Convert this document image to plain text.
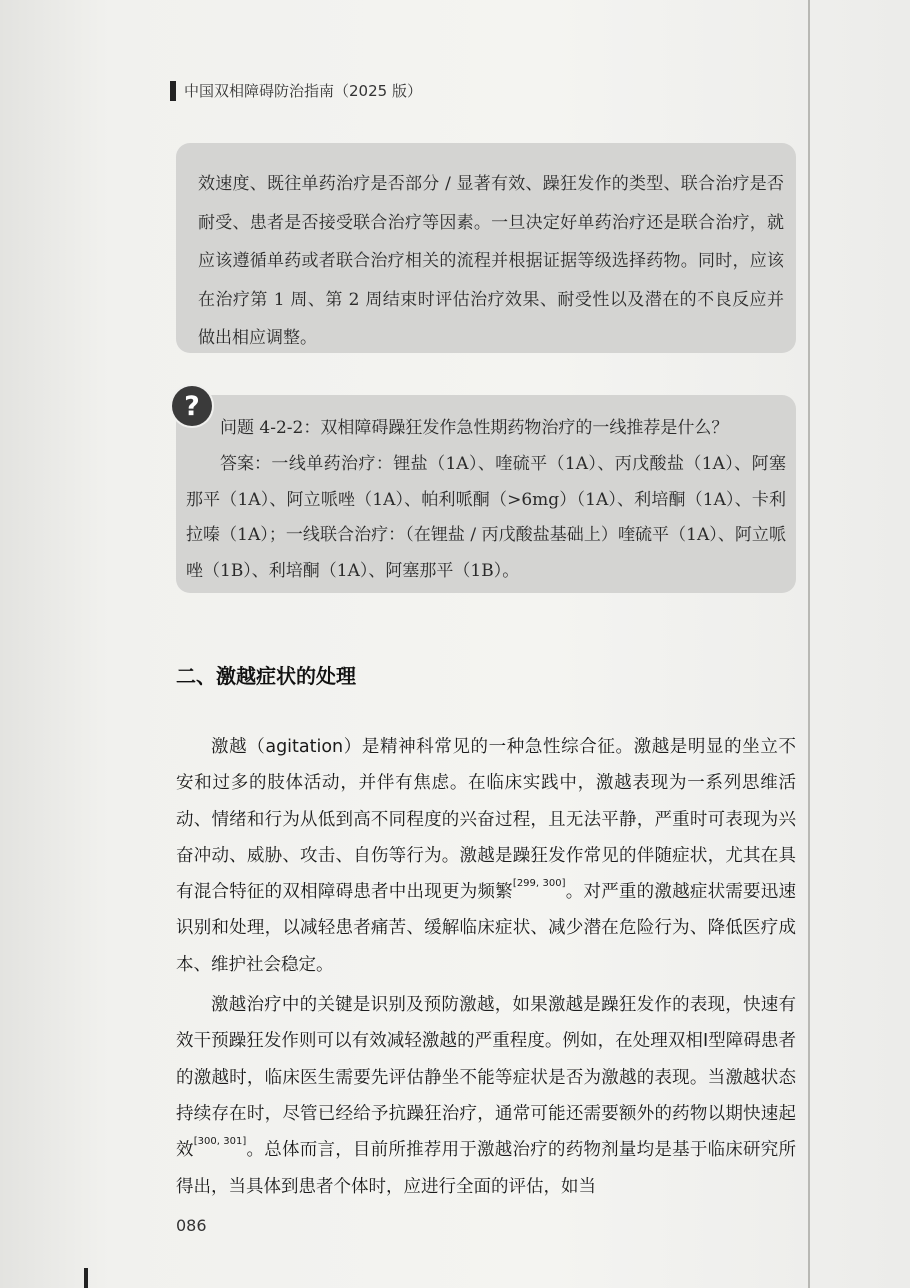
中国双相障碍防治指南（2025 版）
效速度、既往单药治疗是否部分 / 显著有效、躁狂发作的类型、联合治疗是否耐受、患者是否接受联合治疗等因素。一旦决定好单药治疗还是联合治疗，就应该遵循单药或者联合治疗相关的流程并根据证据等级选择药物。同时，应该在治疗第 1 周、第 2 周结束时评估治疗效果、耐受性以及潜在的不良反应并做出相应调整。
问题 4-2-2：双相障碍躁狂发作急性期药物治疗的一线推荐是什么？
答案：一线单药治疗：锂盐（1A）、喹硫平（1A）、丙戊酸盐（1A）、阿塞那平（1A）、阿立哌唑（1A）、帕利哌酮（>6mg）（1A）、利培酮（1A）、卡利拉嗪（1A）；一线联合治疗：（在锂盐 / 丙戊酸盐基础上）喹硫平（1A）、阿立哌唑（1B）、利培酮（1A）、阿塞那平（1B）。
?
二、激越症状的处理

激越（agitation）是精神科常见的一种急性综合征。激越是明显的坐立不安和过多的肢体活动，并伴有焦虑。在临床实践中，激越表现为一系列思维活动、情绪和行为从低到高不同程度的兴奋过程，且无法平静，严重时可表现为兴奋冲动、威胁、攻击、自伤等行为。激越是躁狂发作常见的伴随症状，尤其在具有混合特征的双相障碍患者中出现更为频繁[299, 300]。对严重的激越症状需要迅速识别和处理，以减轻患者痛苦、缓解临床症状、减少潜在危险行为、降低医疗成本、维护社会稳定。

激越治疗中的关键是识别及预防激越，如果激越是躁狂发作的表现，快速有效干预躁狂发作则可以有效减轻激越的严重程度。例如，在处理双相Ⅰ型障碍患者的激越时，临床医生需要先评估静坐不能等症状是否为激越的表现。当激越状态持续存在时，尽管已经给予抗躁狂治疗，通常可能还需要额外的药物以期快速起效[300, 301]。总体而言，目前所推荐用于激越治疗的药物剂量均是基于临床研究所得出，当具体到患者个体时，应进行全面的评估，如当

086
